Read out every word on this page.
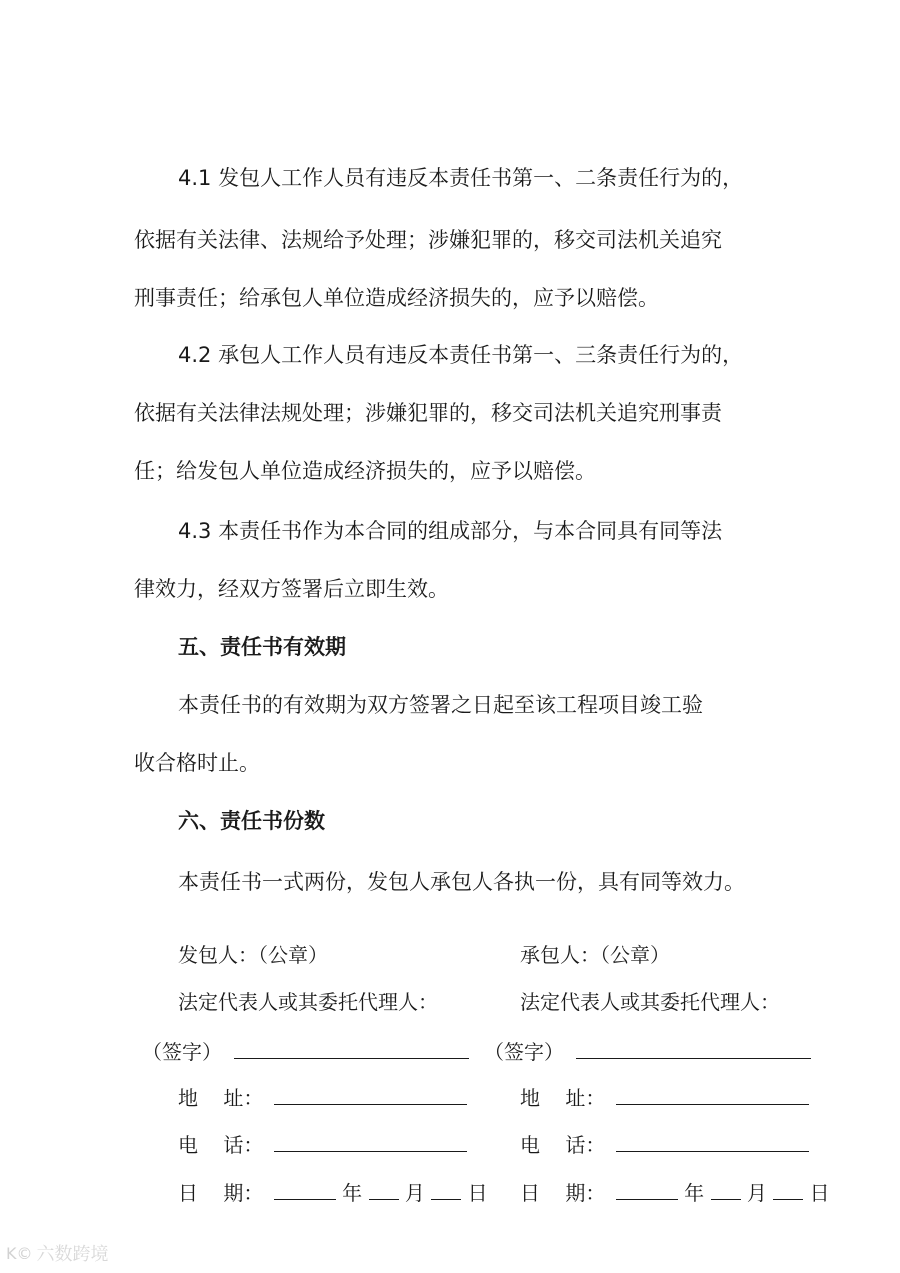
4.1 发包人工作人员有违反本责任书第一、二条责任行为的，
依据有关法律、法规给予处理；涉嫌犯罪的，移交司法机关追究
刑事责任；给承包人单位造成经济损失的，应予以赔偿。
4.2 承包人工作人员有违反本责任书第一、三条责任行为的，
依据有关法律法规处理；涉嫌犯罪的，移交司法机关追究刑事责
任；给发包人单位造成经济损失的，应予以赔偿。
4.3 本责任书作为本合同的组成部分，与本合同具有同等法
律效力，经双方签署后立即生效。
五、责任书有效期
本责任书的有效期为双方签署之日起至该工程项目竣工验
收合格时止。
六、责任书份数
本责任书一式两份，发包人承包人各执一份，具有同等效力。
发包人：（公章）
法定代表人或其委托代理人：
（签字）
地    址：
电    话：
日    期：	年 月 日
承包人：（公章）
法定代表人或其委托代理人：
（签字）
地    址：
电    话：
日    期：	年 月 日
K© 六数跨境
